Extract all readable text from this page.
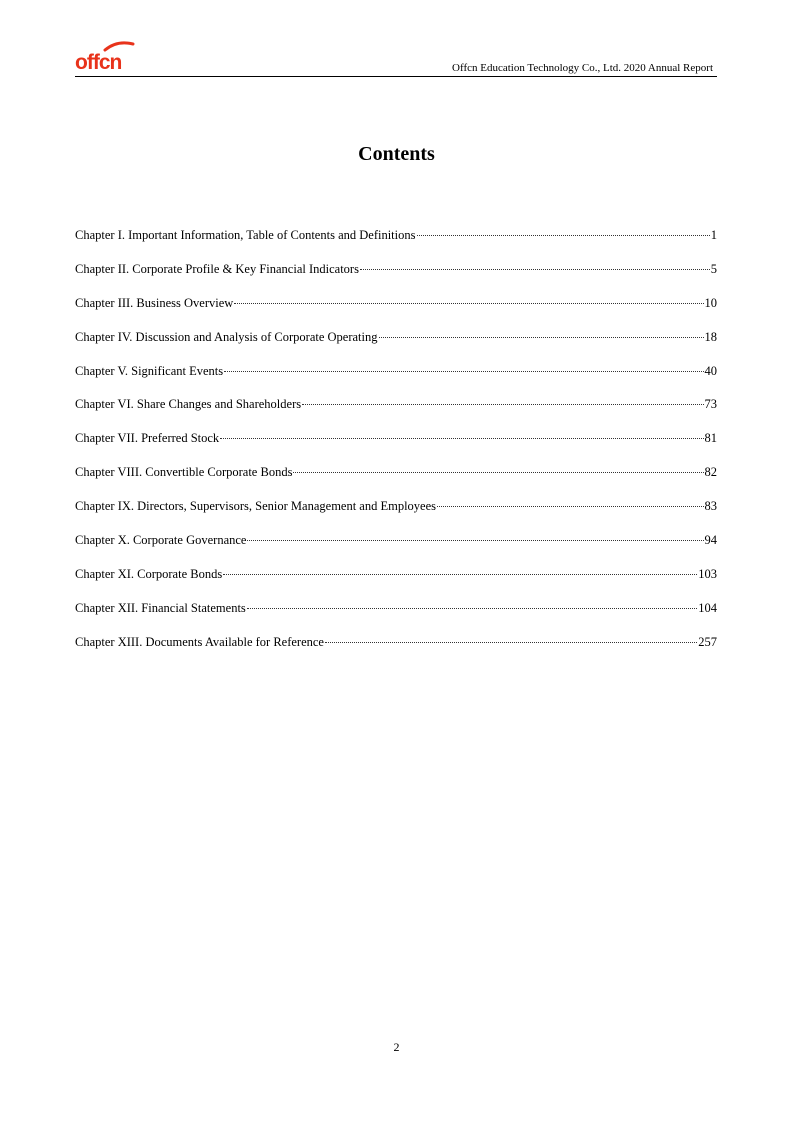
offcn	Offcn Education Technology Co., Ltd. 2020 Annual Report
Contents
Chapter I. Important Information, Table of Contents and Definitions	1
Chapter II. Corporate Profile & Key Financial Indicators	5
Chapter III. Business Overview	10
Chapter IV. Discussion and Analysis of Corporate Operating	18
Chapter V. Significant Events	40
Chapter VI. Share Changes and Shareholders	73
Chapter VII. Preferred Stock	81
Chapter VIII. Convertible Corporate Bonds	82
Chapter IX. Directors, Supervisors, Senior Management and Employees	83
Chapter X. Corporate Governance	94
Chapter XI. Corporate Bonds	103
Chapter XII. Financial Statements	104
Chapter XIII. Documents Available for Reference	257
2
